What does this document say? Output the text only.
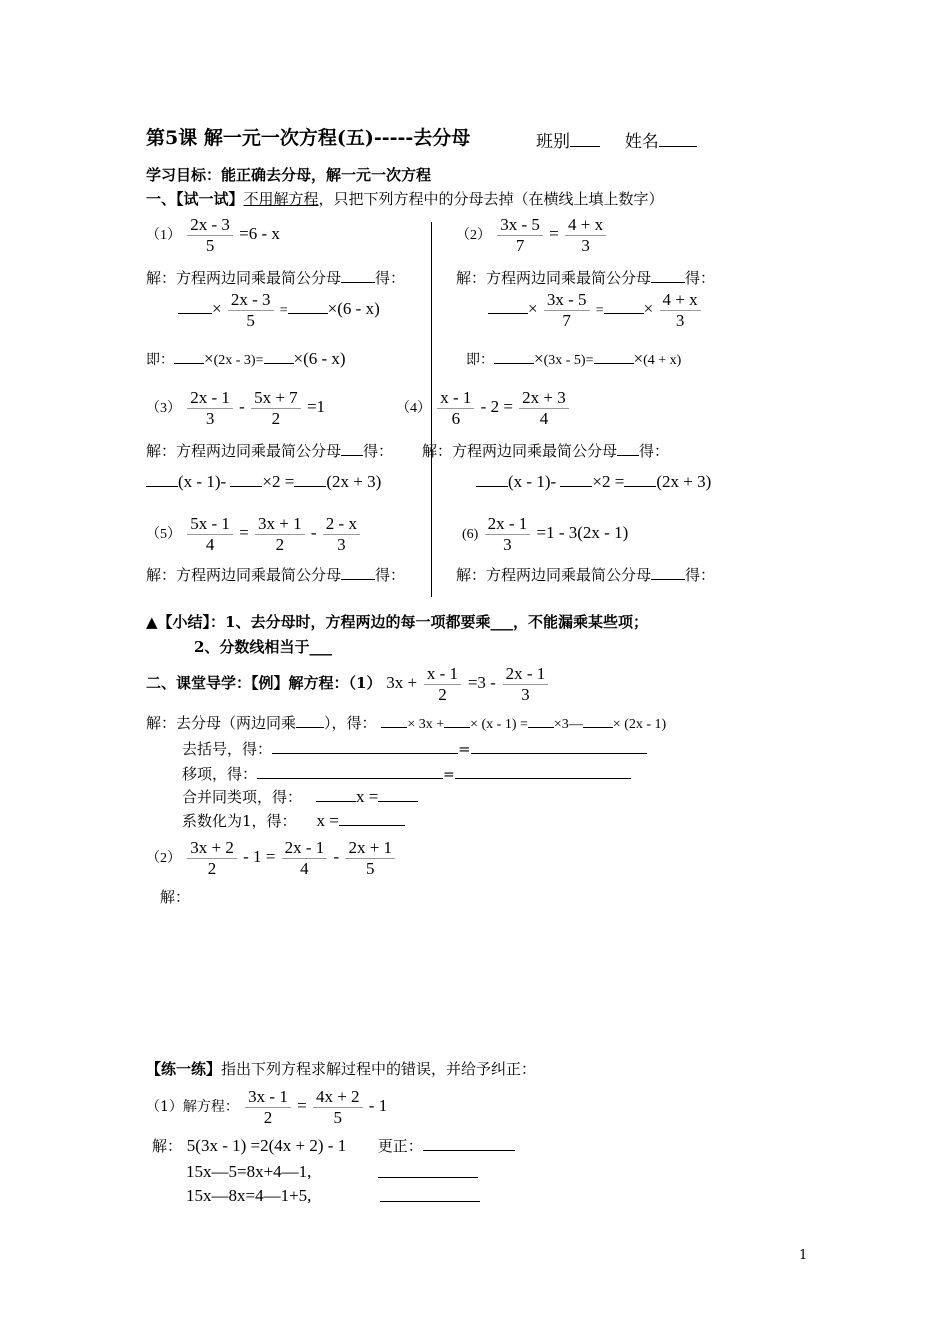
第5课 解一元一次方程(五)-----去分母	班别	姓名
学习目标：能正确去分母，解一元一次方程
一、【试一试】不用解方程，只把下列方程中的分母去掉（在横线上填上数字）
$(1) \frac{2x - 3}{5} =6 - x$	$(2) \frac{3x - 5}{7} = \frac{4 + x}{3}$
解：方程两边同乘最简公分母 得：	解：方程两边同乘最简公分母 得：
× $\frac{2x - 3}{5} = \times(6 - x)$	× $\frac{3x - 5}{7}$ = × $\frac{4 + x}{3}$
即： ×(2x - 3)= ×(6 - x)	即： ×(3x - 5)= ×(4 + x)
$(3) \frac{2x - 1}{3} - \frac{5x + 7}{2} =1$	$(4) \frac{x - 1}{6} - 2 = \frac{2x + 3}{4}$
解：方程两边同乘最简公分母 得： 解：方程两边同乘最简公分母 得：
(x - 1)- ×2 = (2x + 3)	(x - 1)- ×2 = (2x + 3)
$(5) \frac{5x - 1}{4} = \frac{3x + 1}{2} - \frac{2 - x}{3}$	$(6) \frac{2x - 1}{3} =1 - 3(2x - 1)$
解：方程两边同乘最简公分母 得：	解：方程两边同乘最简公分母 得：
▲【小结】：1、去分母时，方程两边的每一项都要乘___，不能漏乘某些项；
2、分数线相当于___
二、课堂导学：【例】解方程：（1） $3x + \frac{x - 1}{2} =3 - \frac{2x - 1}{3}$
解：去分母（两边同乘 ），得： × 3x + × (x - 1) = ×3— × (2x - 1)
去括号，得：	=
移项，得：	=
合并同类项，得：	x =
系数化为1，得： x =
$(2) \frac{3x + 2}{2} - 1 = \frac{2x - 1}{4} - \frac{2x + 1}{5}$
解：
【练一练】指出下列方程求解过程中的错误，并给予纠正：
（1）解方程： $\frac{3x - 1}{2} = \frac{4x + 2}{5} - 1$
解： 5(3x - 1) =2(4x + 2) - 1 更正：
15x—5=8x+4—1,
15x—8x=4—1+5,
1
